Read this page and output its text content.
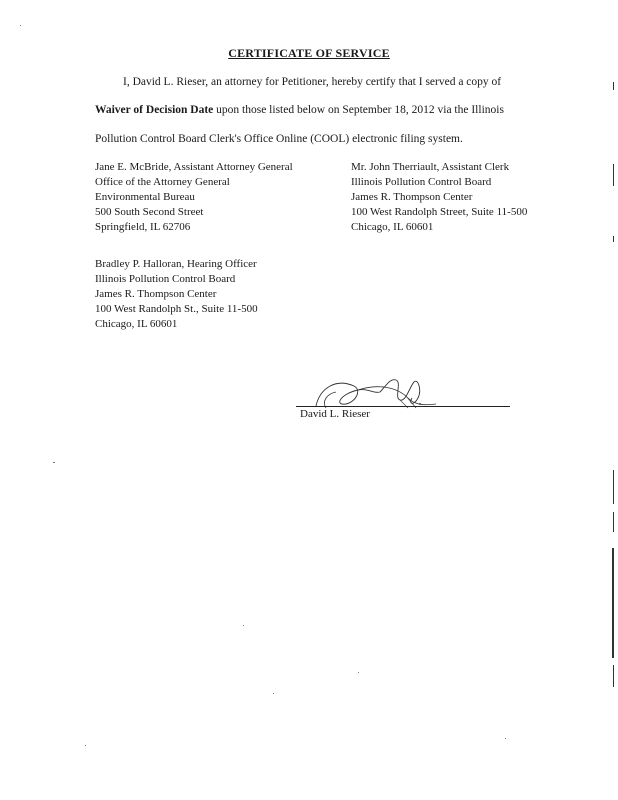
CERTIFICATE OF SERVICE
I, David L. Rieser, an attorney for Petitioner, hereby certify that I served a copy of
Waiver of Decision Date upon those listed below on September 18, 2012 via the Illinois
Pollution Control Board Clerk's Office Online (COOL) electronic filing system.
Jane E. McBride, Assistant Attorney General
Office of the Attorney General
Environmental Bureau
500 South Second Street
Springfield, IL 62706
Mr. John Therriault, Assistant Clerk
Illinois Pollution Control Board
James R. Thompson Center
100 West Randolph Street, Suite 11-500
Chicago, IL 60601
Bradley P. Halloran, Hearing Officer
Illinois Pollution Control Board
James R. Thompson Center
100 West Randolph St., Suite 11-500
Chicago, IL 60601
David L. Rieser
